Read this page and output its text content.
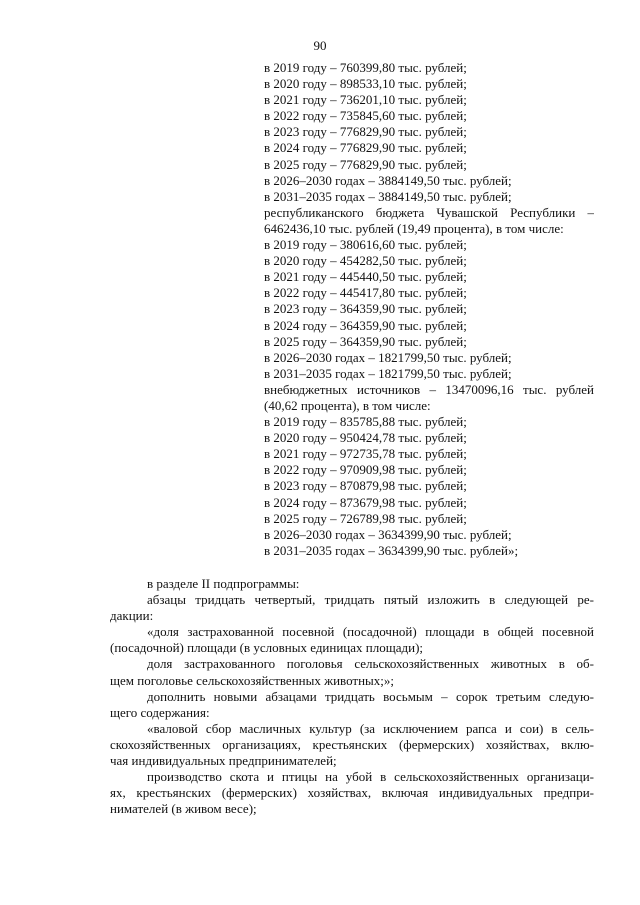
90
в 2019 году – 760399,80 тыс. рублей;
в 2020 году – 898533,10 тыс. рублей;
в 2021 году – 736201,10 тыс. рублей;
в 2022 году – 735845,60 тыс. рублей;
в 2023 году – 776829,90 тыс. рублей;
в 2024 году – 776829,90 тыс. рублей;
в 2025 году – 776829,90 тыс. рублей;
в 2026–2030 годах – 3884149,50 тыс. рублей;
в 2031–2035 годах – 3884149,50 тыс. рублей;
республиканского бюджета Чувашской Республики –
6462436,10 тыс. рублей (19,49 процента), в том числе:
в 2019 году – 380616,60 тыс. рублей;
в 2020 году – 454282,50 тыс. рублей;
в 2021 году – 445440,50 тыс. рублей;
в 2022 году – 445417,80 тыс. рублей;
в 2023 году – 364359,90 тыс. рублей;
в 2024 году – 364359,90 тыс. рублей;
в 2025 году – 364359,90 тыс. рублей;
в 2026–2030 годах – 1821799,50 тыс. рублей;
в 2031–2035 годах – 1821799,50 тыс. рублей;
внебюджетных источников – 13470096,16 тыс. рублей
(40,62 процента), в том числе:
в 2019 году – 835785,88 тыс. рублей;
в 2020 году – 950424,78 тыс. рублей;
в 2021 году – 972735,78 тыс. рублей;
в 2022 году – 970909,98 тыс. рублей;
в 2023 году – 870879,98 тыс. рублей;
в 2024 году – 873679,98 тыс. рублей;
в 2025 году – 726789,98 тыс. рублей;
в 2026–2030 годах – 3634399,90 тыс. рублей;
в 2031–2035 годах – 3634399,90 тыс. рублей»;
в разделе II подпрограммы:
абзацы тридцать четвертый, тридцать пятый изложить в следующей ре-
дакции:
«доля застрахованной посевной (посадочной) площади в общей посевной
(посадочной) площади (в условных единицах площади);
доля застрахованного поголовья сельскохозяйственных животных в об-
щем поголовье сельскохозяйственных животных;»;
дополнить новыми абзацами тридцать восьмым – сорок третьим следую-
щего содержания:
«валовой сбор масличных культур (за исключением рапса и сои) в сель-
скохозяйственных организациях, крестьянских (фермерских) хозяйствах, вклю-
чая индивидуальных предпринимателей;
производство скота и птицы на убой в сельскохозяйственных организаци-
ях, крестьянских (фермерских) хозяйствах, включая индивидуальных предпри-
нимателей (в живом весе);
